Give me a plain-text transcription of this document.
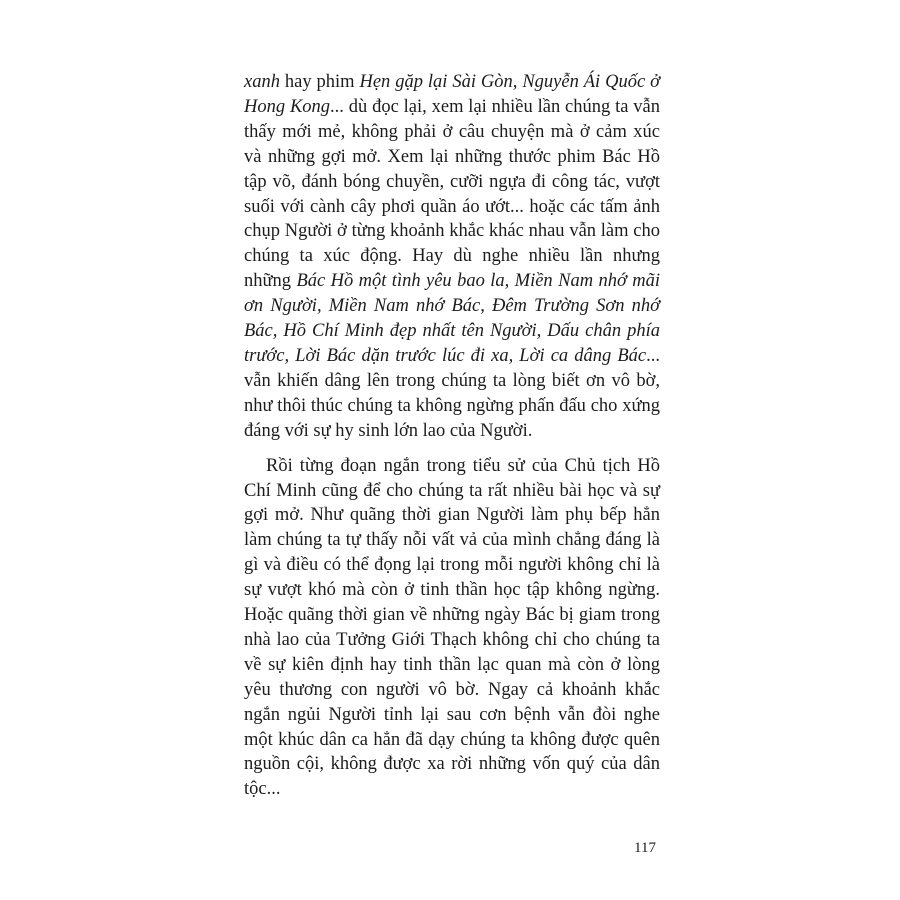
xanh hay phim Hẹn gặp lại Sài Gòn, Nguyễn Ái Quốc ở Hong Kong... dù đọc lại, xem lại nhiều lần chúng ta vẫn thấy mới mẻ, không phải ở câu chuyện mà ở cảm xúc và những gợi mở. Xem lại những thước phim Bác Hồ tập võ, đánh bóng chuyền, cưỡi ngựa đi công tác, vượt suối với cành cây phơi quần áo ướt... hoặc các tấm ảnh chụp Người ở từng khoảnh khắc khác nhau vẫn làm cho chúng ta xúc động. Hay dù nghe nhiều lần nhưng những Bác Hồ một tình yêu bao la, Miền Nam nhớ mãi ơn Người, Miền Nam nhớ Bác, Đêm Trường Sơn nhớ Bác, Hồ Chí Minh đẹp nhất tên Người, Dấu chân phía trước, Lời Bác dặn trước lúc đi xa, Lời ca dâng Bác... vẫn khiến dâng lên trong chúng ta lòng biết ơn vô bờ, như thôi thúc chúng ta không ngừng phấn đấu cho xứng đáng với sự hy sinh lớn lao của Người.

Rồi từng đoạn ngắn trong tiểu sử của Chủ tịch Hồ Chí Minh cũng để cho chúng ta rất nhiều bài học và sự gợi mở. Như quãng thời gian Người làm phụ bếp hẳn làm chúng ta tự thấy nỗi vất vả của mình chẳng đáng là gì và điều có thể đọng lại trong mỗi người không chỉ là sự vượt khó mà còn ở tinh thần học tập không ngừng. Hoặc quãng thời gian về những ngày Bác bị giam trong nhà lao của Tưởng Giới Thạch không chỉ cho chúng ta về sự kiên định hay tinh thần lạc quan mà còn ở lòng yêu thương con người vô bờ. Ngay cả khoảnh khắc ngắn ngủi Người tỉnh lại sau cơn bệnh vẫn đòi nghe một khúc dân ca hẳn đã dạy chúng ta không được quên nguồn cội, không được xa rời những vốn quý của dân tộc...

117
